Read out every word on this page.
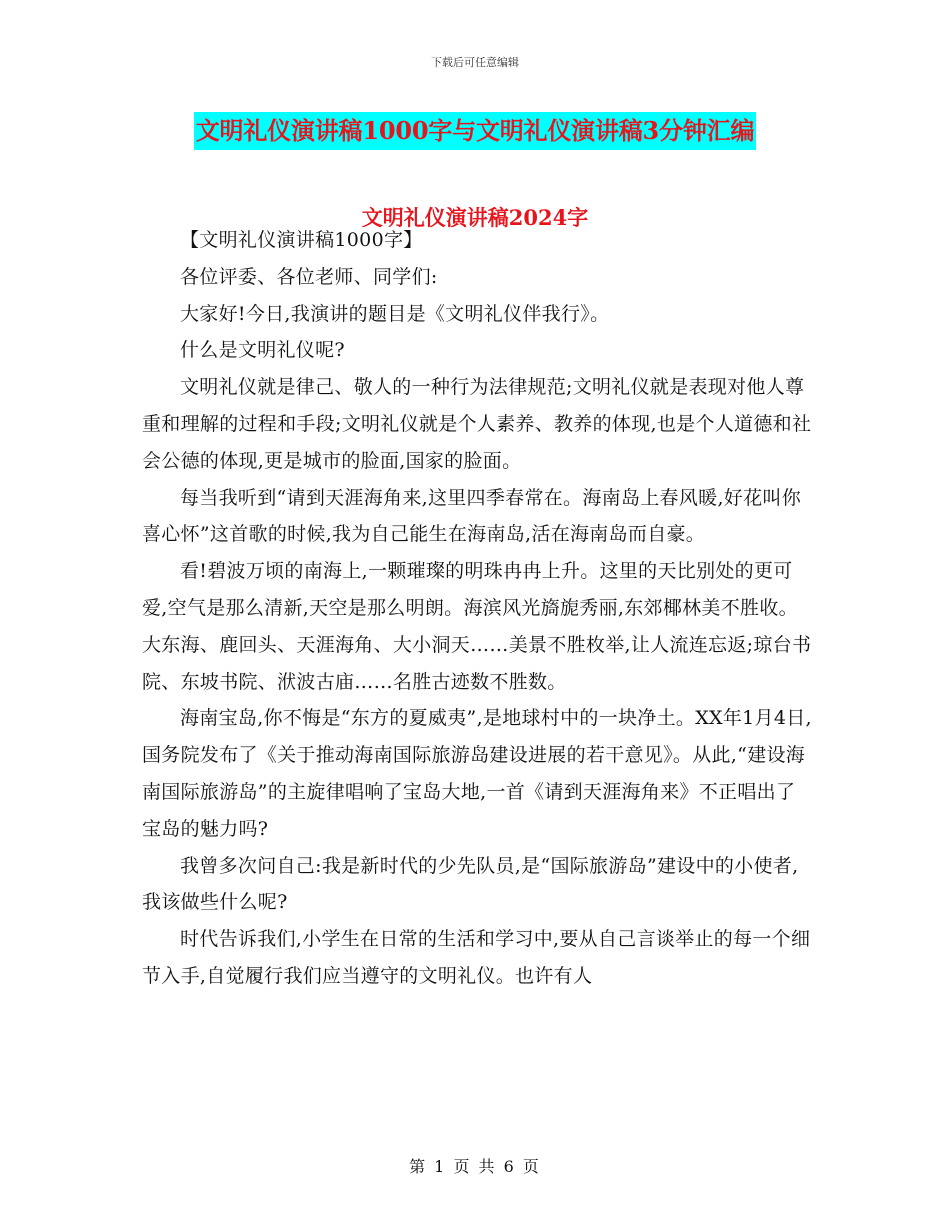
下载后可任意编辑
文明礼仪演讲稿1000字与文明礼仪演讲稿3分钟汇编
文明礼仪演讲稿2024字

【文明礼仪演讲稿1000字】

各位评委、各位老师、同学们:

大家好!今日,我演讲的题目是《文明礼仪伴我行》。

什么是文明礼仪呢?

文明礼仪就是律己、敬人的一种行为法律规范;文明礼仪就是表现对他人尊重和理解的过程和手段;文明礼仪就是个人素养、教养的体现,也是个人道德和社会公德的体现,更是城市的脸面,国家的脸面。

每当我听到“请到天涯海角来,这里四季春常在。海南岛上春风暖,好花叫你喜心怀”这首歌的时候,我为自己能生在海南岛,活在海南岛而自豪。

看!碧波万顷的南海上,一颗璀璨的明珠冉冉上升。这里的天比别处的更可爱,空气是那么清新,天空是那么明朗。海滨风光旖旎秀丽,东郊椰林美不胜收。大东海、鹿回头、天涯海角、大小洞天……美景不胜枚举,让人流连忘返;琼台书院、东坡书院、洑波古庙……名胜古迹数不胜数。

海南宝岛,你不悔是“东方的夏威夷”,是地球村中的一块净土。XX年1月4日,国务院发布了《关于推动海南国际旅游岛建设进展的若干意见》。从此,“建设海南国际旅游岛”的主旋律唱响了宝岛大地,一首《请到天涯海角来》不正唱出了宝岛的魅力吗?

我曾多次问自己:我是新时代的少先队员,是“国际旅游岛”建设中的小使者,我该做些什么呢?

时代告诉我们,小学生在日常的生活和学习中,要从自己言谈举止的每一个细节入手,自觉履行我们应当遵守的文明礼仪。也许有人

第 1 页 共 6 页
